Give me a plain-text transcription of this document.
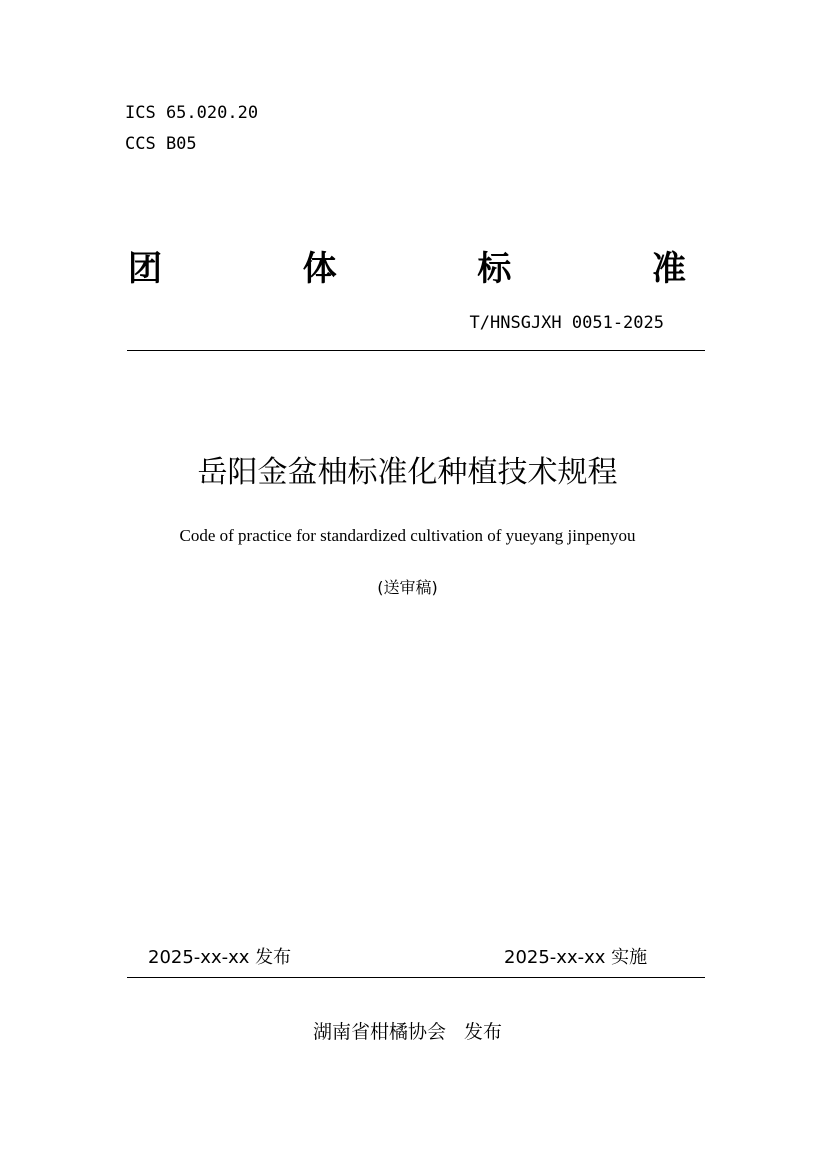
ICS 65.020.20
CCS B05
团	体	标	准
T/HNSGJXH 0051-2025
岳阳金盆柚标准化种植技术规程
Code of practice for standardized cultivation of yueyang jinpenyou
(送审稿)
2025-xx-xx 发布	2025-xx-xx 实施
湖南省柑橘协会   发布
